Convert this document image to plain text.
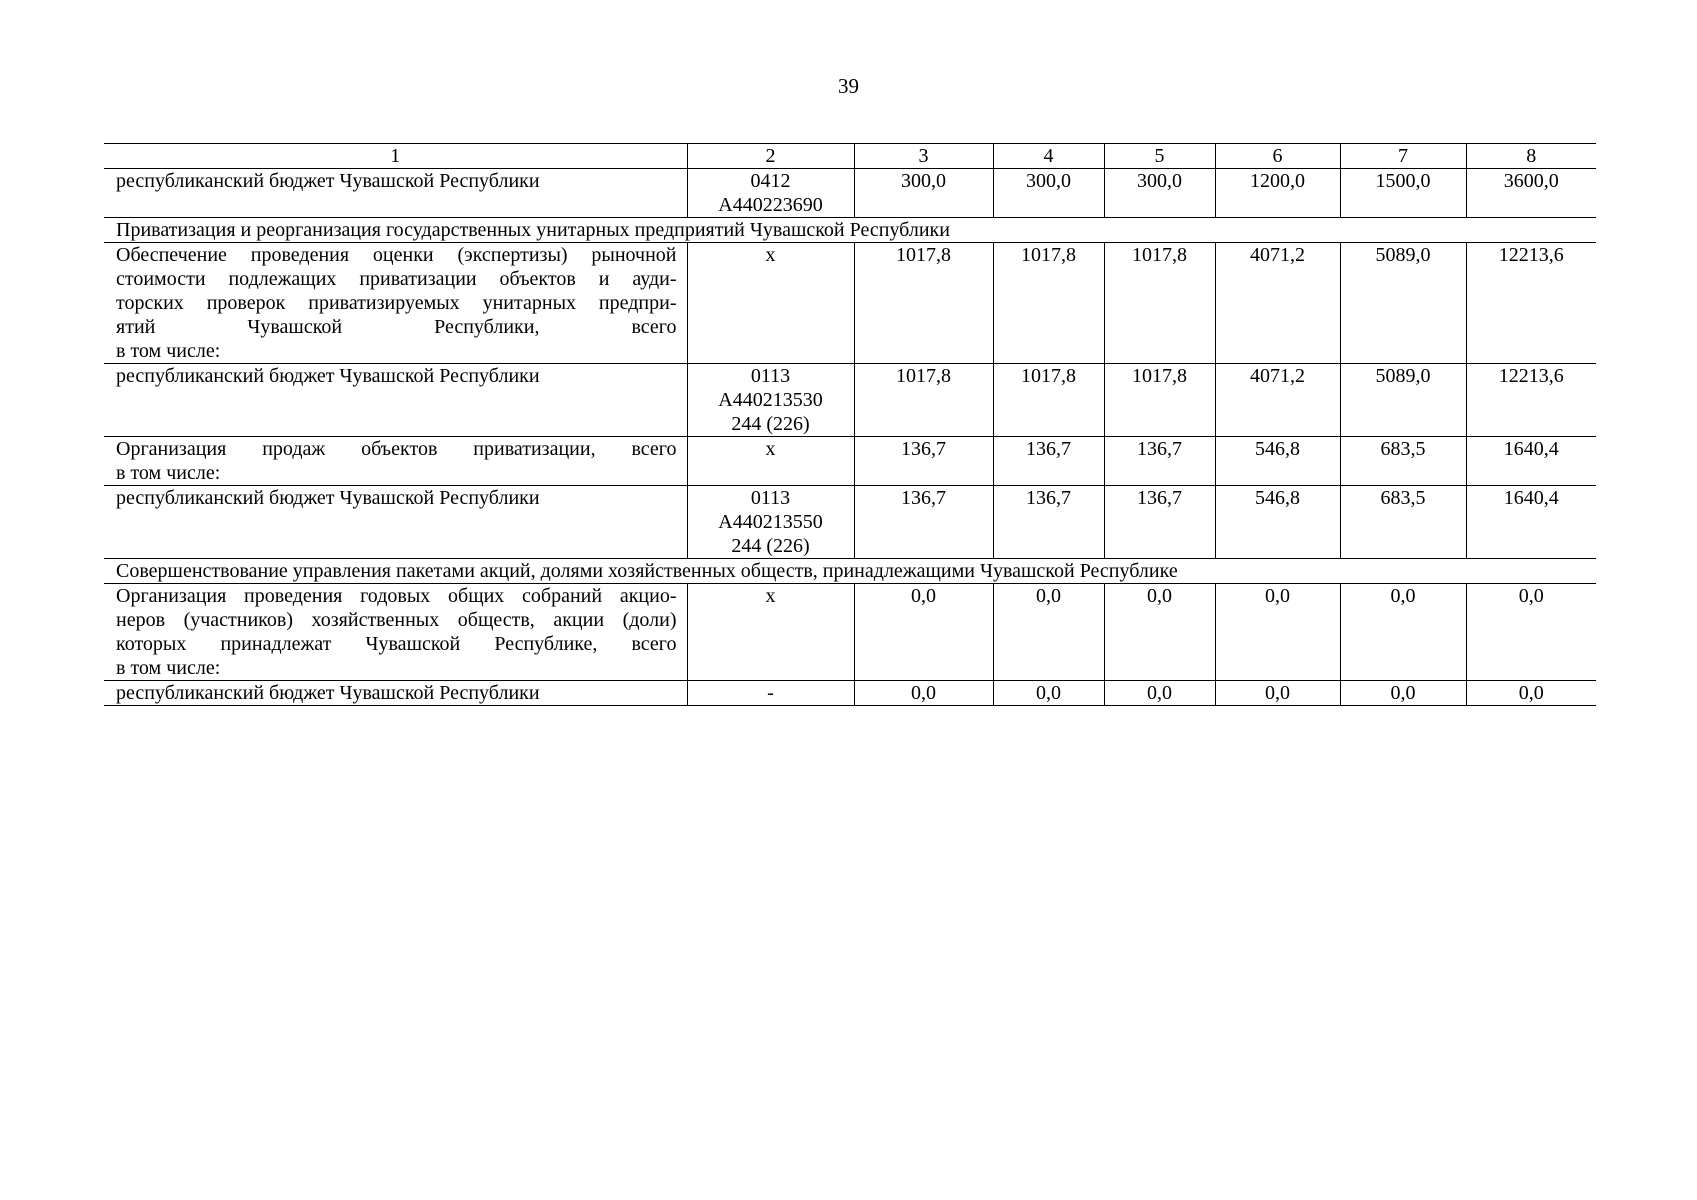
39
1	2	3	4	5	6	7	8

республиканский бюджет Чувашской Республики	0412
А440223690	300,0	300,0	300,0	1200,0	1500,0	3600,0
Приватизация и реорганизация государственных унитарных предприятий Чувашской Республики							

Обеспечение проведения оценки (экспертизы) рыночной
стоимости подлежащих приватизации объектов и ауди-
торских проверок приватизируемых унитарных предпри-
ятий Чувашской Республики, всего
в том числе:	х	1017,8	1017,8	1017,8	4071,2	5089,0	12213,6

республиканский бюджет Чувашской Республики	0113
А440213530
244 (226)	1017,8	1017,8	1017,8	4071,2	5089,0	12213,6

Организация продаж объектов приватизации, всего
в том числе:	х	136,7	136,7	136,7	546,8	683,5	1640,4

республиканский бюджет Чувашской Республики	0113
А440213550
244 (226)	136,7	136,7	136,7	546,8	683,5	1640,4
Совершенствование управления пакетами акций, долями хозяйственных обществ, принадлежащими Чувашской Республике							

Организация проведения годовых общих собраний акцио-
неров (участников) хозяйственных обществ, акции (доли)
которых принадлежат Чувашской Республике, всего
в том числе:	х	0,0	0,0	0,0	0,0	0,0	0,0

республиканский бюджет Чувашской Республики	-	0,0	0,0	0,0	0,0	0,0	0,0
